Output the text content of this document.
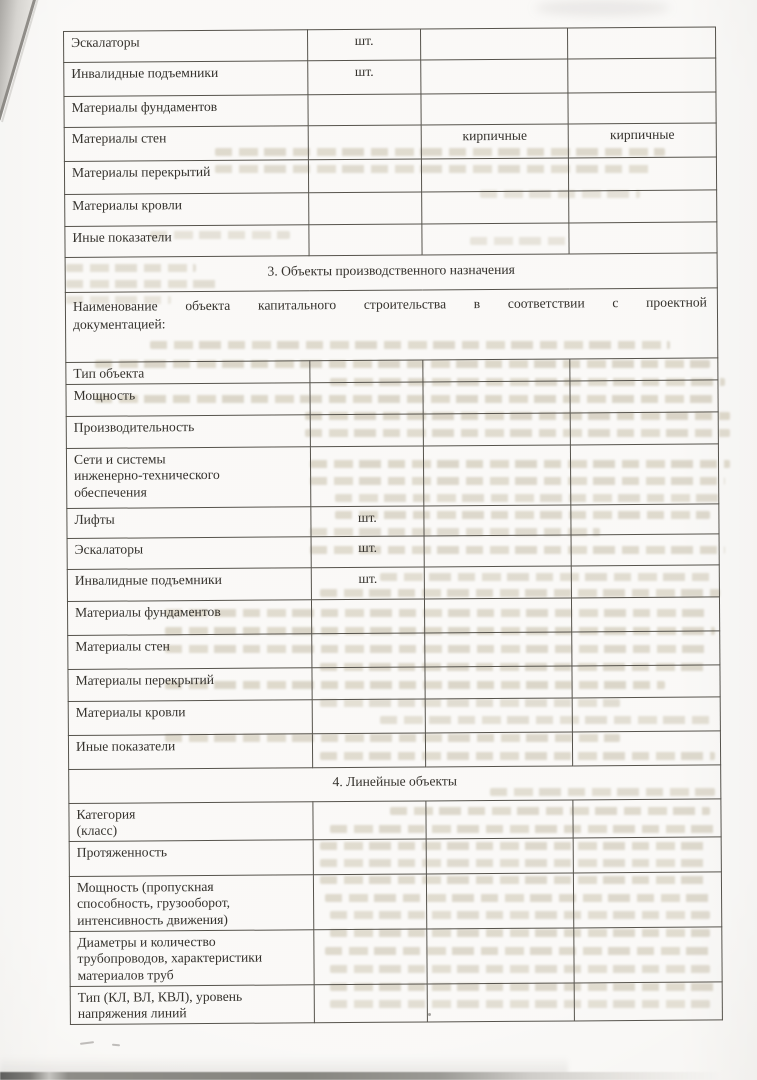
Эскалаторы	шт.		
Инвалидные подъемники	шт.		
Материалы фундаментов			
Материалы стен		кирпичные	кирпичные
Материалы перекрытий			
Материалы кровли			
Иные показатели			
3. Объекты производственного назначения			

Наименование объекта капитального строительства в соответствии с проектной
документацией:			

Тип объекта			
Мощность			
Производительность			
Сети и системы
инженерно-технического
обеспечения			
Лифты	шт.		
Эскалаторы	шт.		
Инвалидные подъемники	шт.		
Материалы фундаментов			
Материалы стен			
Материалы перекрытий			
Материалы кровли			
Иные показатели			
4. Линейные объекты			
Категория
(класс)			
Протяженность			
Мощность (пропускная
способность, грузооборот,
интенсивность движения)			
Диаметры и количество
трубопроводов, характеристики
материалов труб			
Тип (КЛ, ВЛ, КВЛ), уровень
напряжения линий			
